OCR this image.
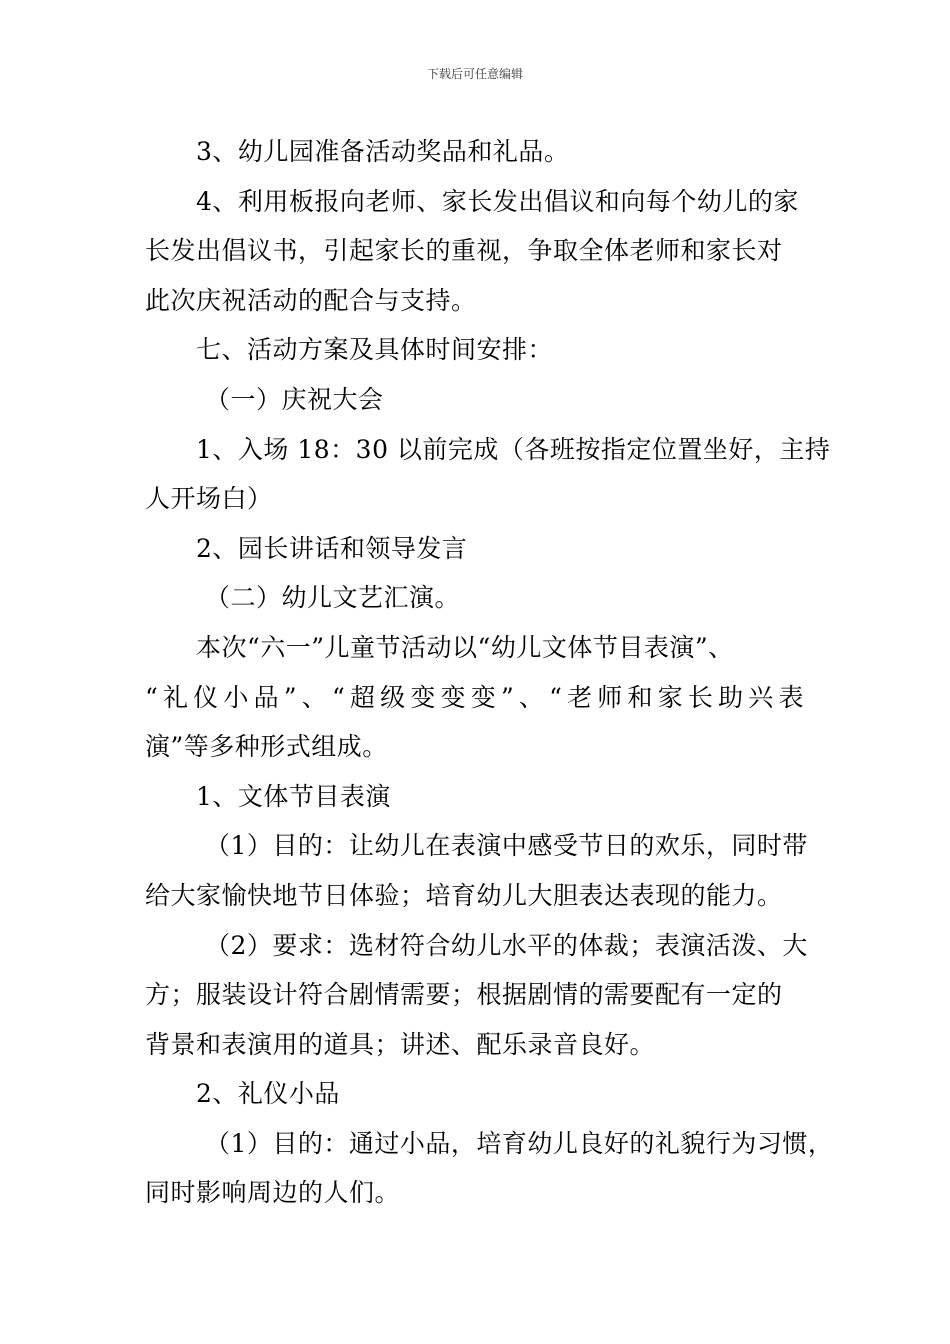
下载后可任意编辑

3、幼儿园准备活动奖品和礼品。

4、利用板报向老师、家长发出倡议和向每个幼儿的家

长发出倡议书，引起家长的重视，争取全体老师和家长对

此次庆祝活动的配合与支持。

七、活动方案及具体时间安排：

（一）庆祝大会

1、入场 18：30 以前完成（各班按指定位置坐好，主持

人开场白）

2、园长讲话和领导发言

（二）幼儿文艺汇演。

本次“六一”儿童节活动以“幼儿文体节目表演”、

“礼仪小品”、“超级变变变”、“老师和家长助兴表

演”等多种形式组成。

1、文体节目表演

（1）目的：让幼儿在表演中感受节日的欢乐，同时带

给大家愉快地节日体验；培育幼儿大胆表达表现的能力。

（2）要求：选材符合幼儿水平的体裁；表演活泼、大

方；服装设计符合剧情需要；根据剧情的需要配有一定的

背景和表演用的道具；讲述、配乐录音良好。

2、礼仪小品

（1）目的：通过小品，培育幼儿良好的礼貌行为习惯，

同时影响周边的人们。
